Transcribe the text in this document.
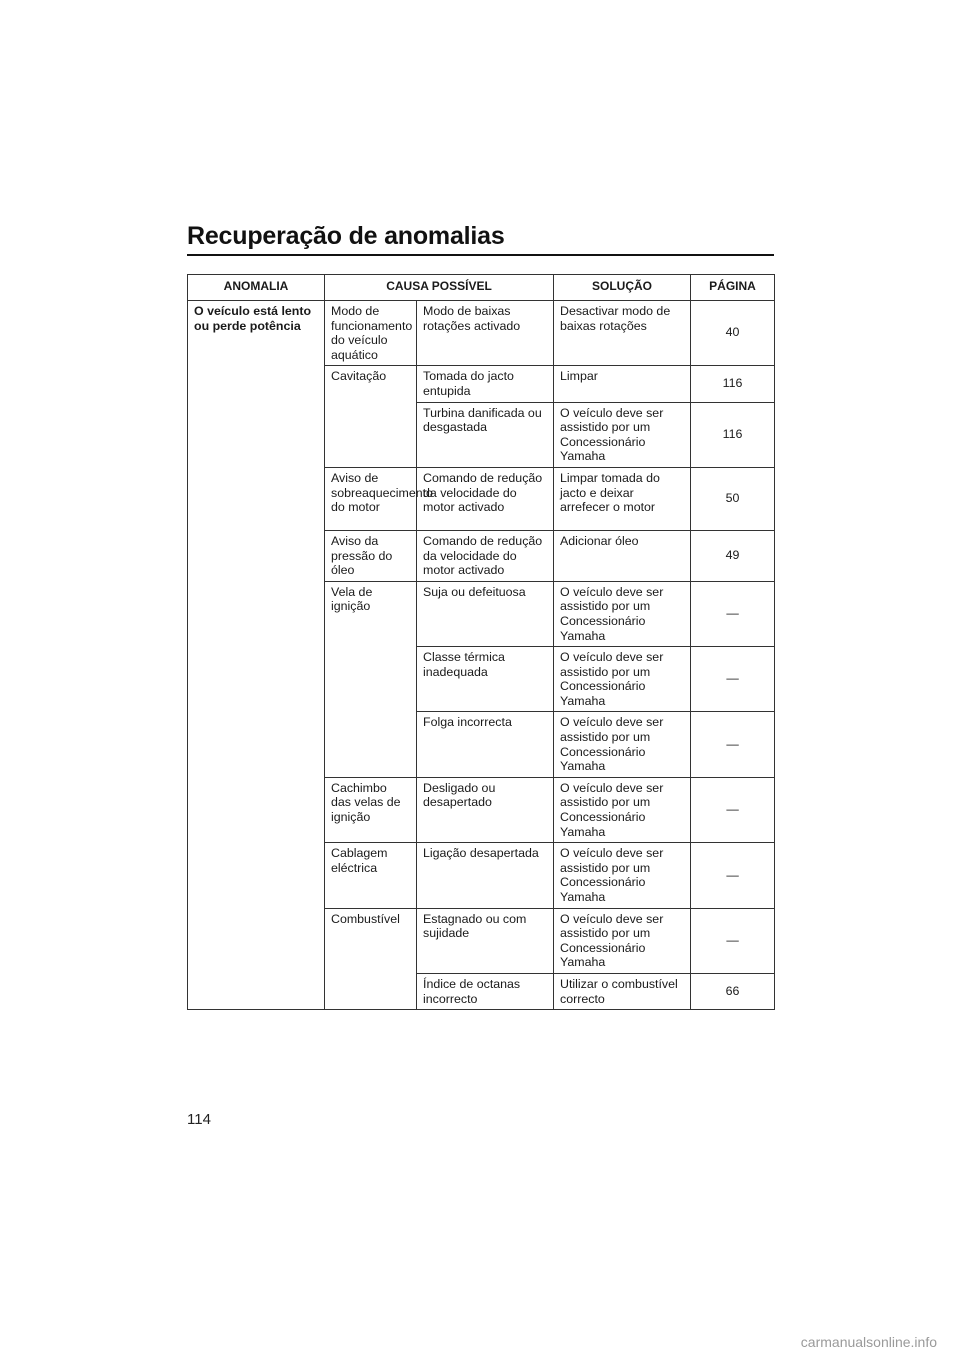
Recuperação de anomalias
ANOMALIA	CAUSA POSSÍVEL		SOLUÇÃO	PÁGINA
O veículo está lento ou perde potência	Modo de funcionamento do veículo aquático	Modo de baixas rotações activado	Desactivar modo de baixas rotações	40
	Cavitação	Tomada do jacto entupida	Limpar	116
		Turbina danificada ou desgastada	O veículo deve ser assistido por um Concessionário Yamaha	116
	Aviso de sobreaquecimento do motor	Comando de redução da velocidade do motor activado	Limpar tomada do jacto e deixar arrefecer o motor	50
	Aviso da pressão do óleo	Comando de redução da velocidade do motor activado	Adicionar óleo	49
	Vela de ignição	Suja ou defeituosa	O veículo deve ser assistido por um Concessionário Yamaha	—
		Classe térmica inadequada	O veículo deve ser assistido por um Concessionário Yamaha	—
		Folga incorrecta	O veículo deve ser assistido por um Concessionário Yamaha	—
	Cachimbo das velas de ignição	Desligado ou desapertado	O veículo deve ser assistido por um Concessionário Yamaha	—
	Cablagem eléctrica	Ligação desapertada	O veículo deve ser assistido por um Concessionário Yamaha	—
	Combustível	Estagnado ou com sujidade	O veículo deve ser assistido por um Concessionário Yamaha	—
		Índice de octanas incorrecto	Utilizar o combustível correcto	66
114
carmanualsonline.info
